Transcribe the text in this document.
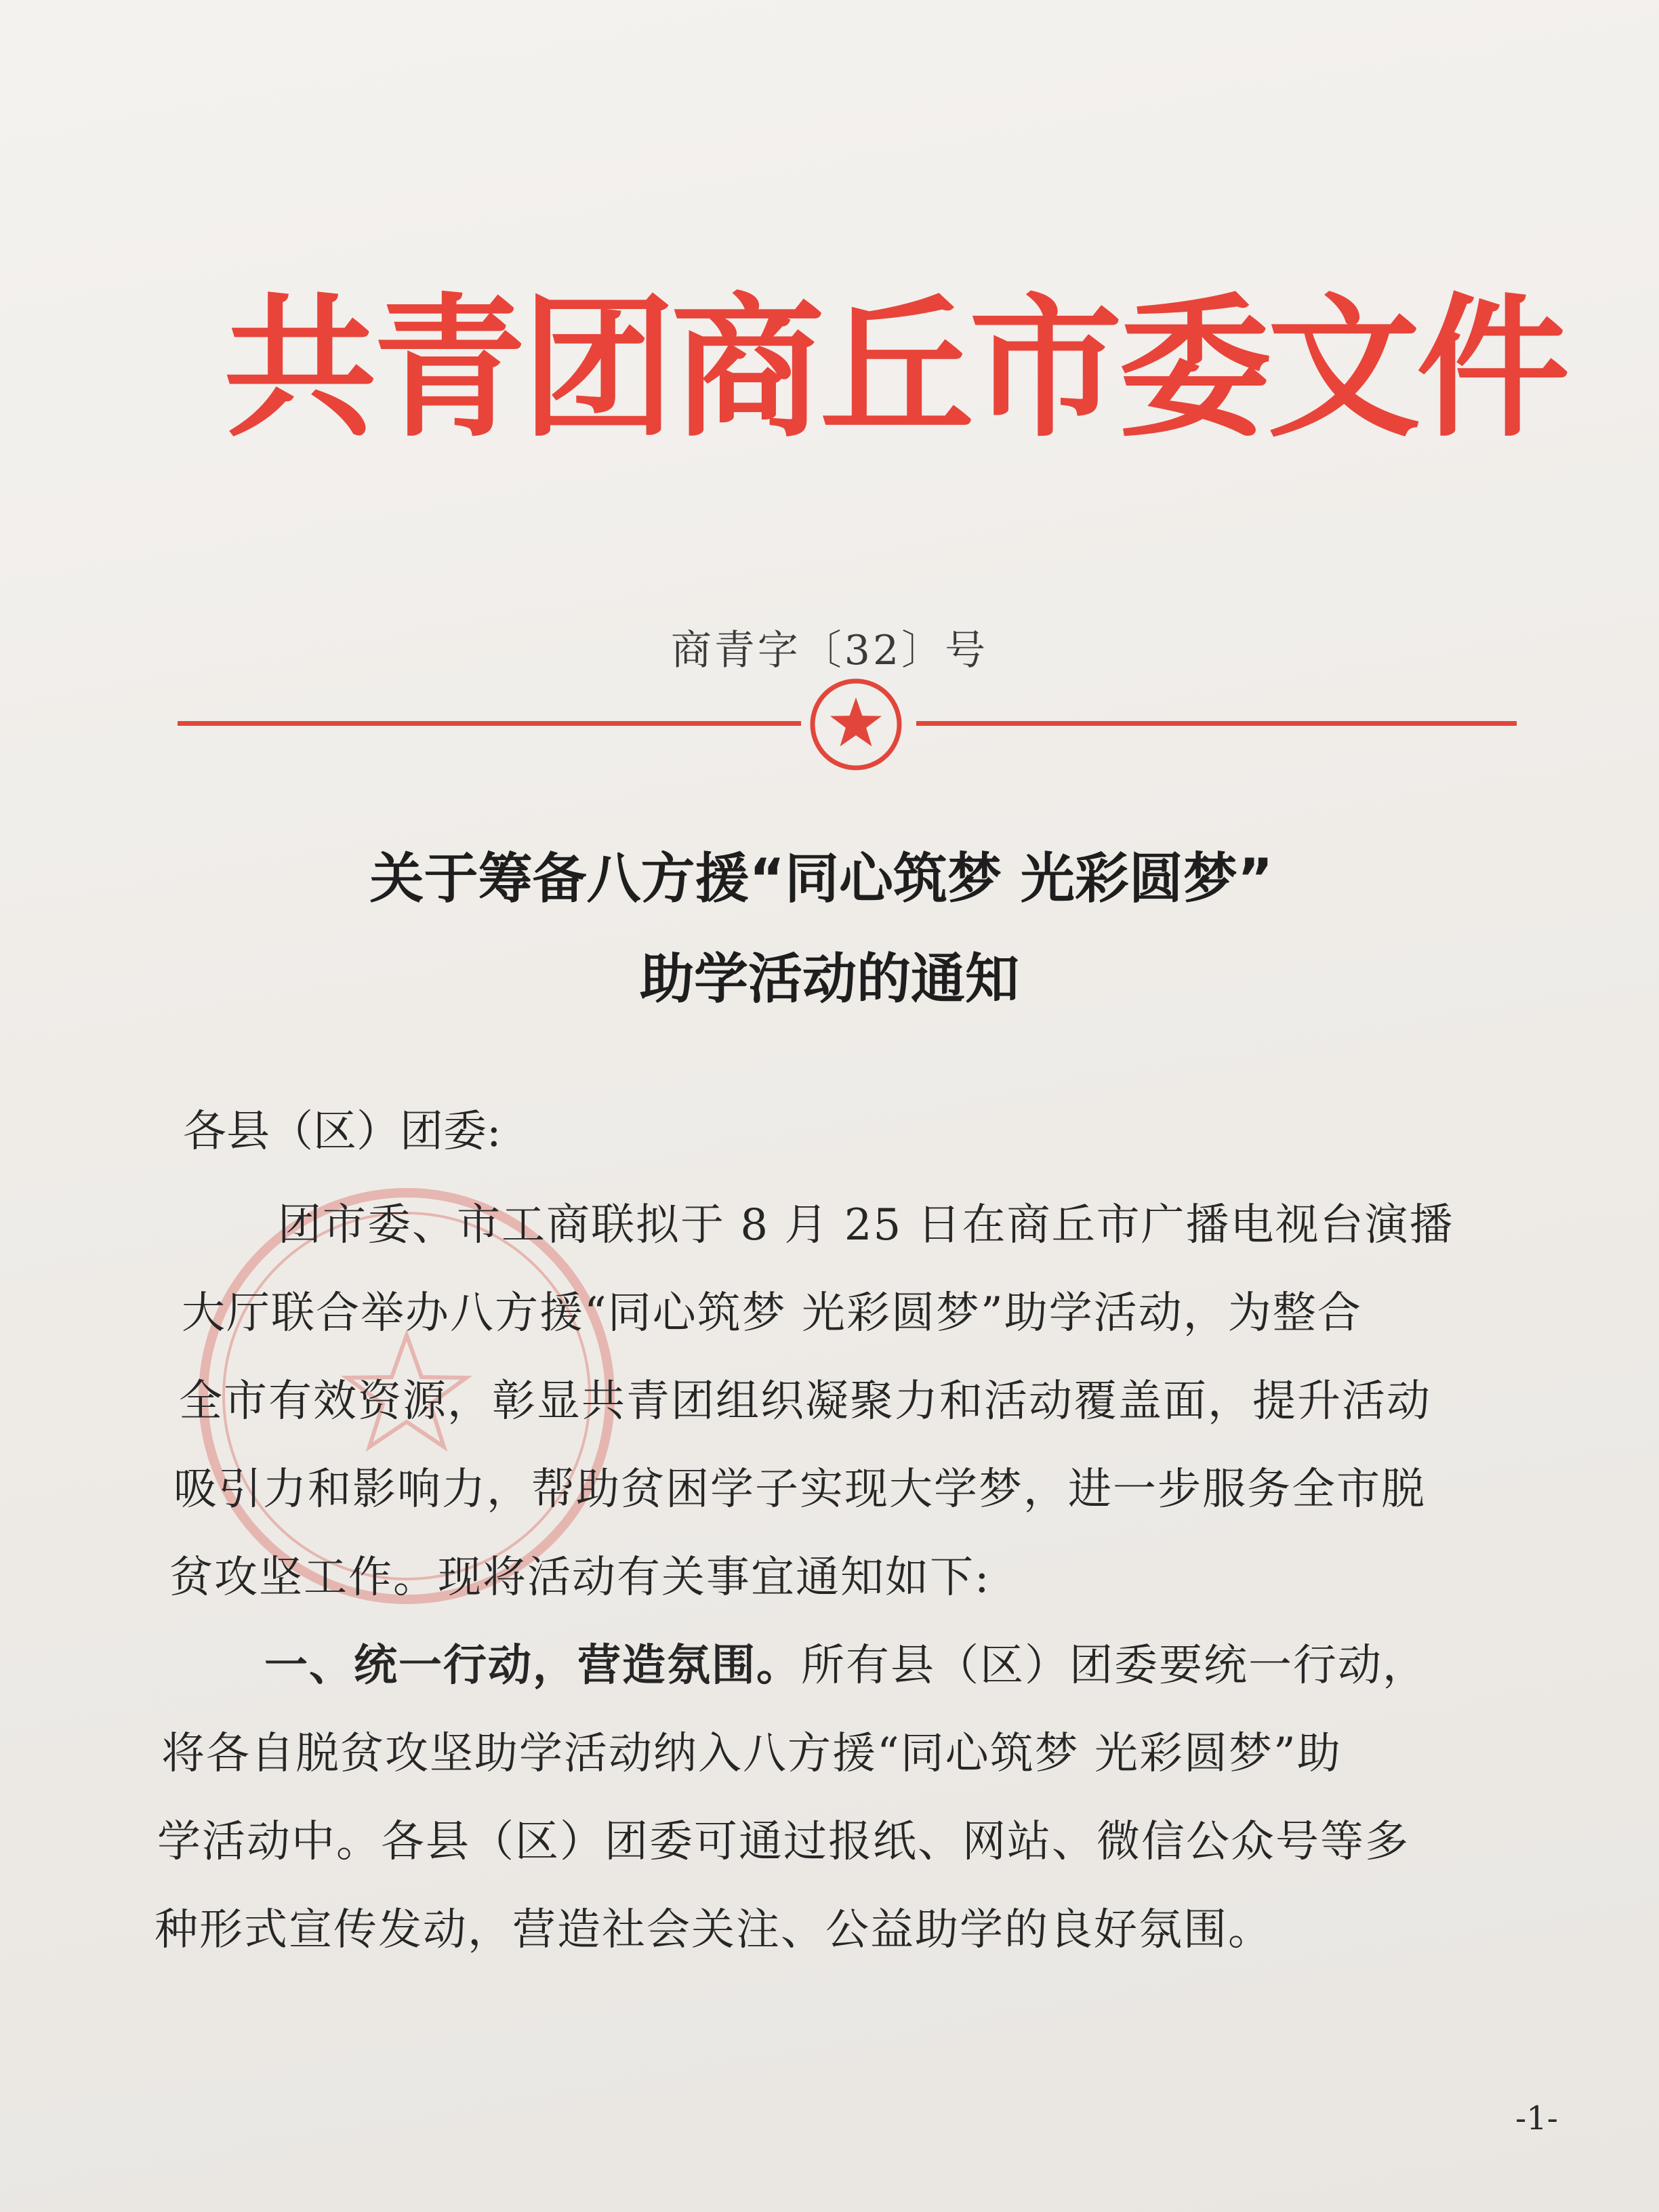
共青团商丘市委文件
商青字〔32〕号
关于筹备八方援“同心筑梦 光彩圆梦”
助学活动的通知
各县（区）团委:
团市委、市工商联拟于 8 月 25 日在商丘市广播电视台演播
大厅联合举办八方援“同心筑梦 光彩圆梦”助学活动，为整合
全市有效资源，彰显共青团组织凝聚力和活动覆盖面，提升活动
吸引力和影响力，帮助贫困学子实现大学梦，进一步服务全市脱
贫攻坚工作。现将活动有关事宜通知如下:
一、统一行动，营造氛围。所有县（区）团委要统一行动，
将各自脱贫攻坚助学活动纳入八方援“同心筑梦 光彩圆梦”助
学活动中。各县（区）团委可通过报纸、网站、微信公众号等多
种形式宣传发动，营造社会关注、公益助学的良好氛围。
-1-
